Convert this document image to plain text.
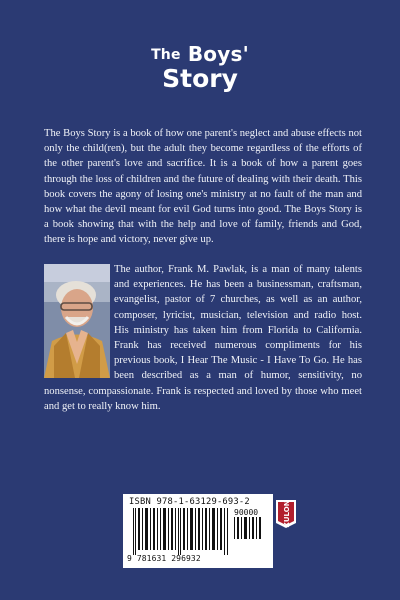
The Boys'
Story
The Boys Story is a book of how one parent's neglect and abuse effects not only the child(ren), but the adult they become regardless of the efforts of the other parent's love and sacrifice. It is a book of how a parent goes through the loss of children and the future of dealing with their death. This book covers the agony of losing one's ministry at no fault of the man and how what the devil meant for evil God turns into good. The Boys Story is a book showing that with the help and love of family, friends and God, there is hope and victory, never give up.
The author, Frank M. Pawlak, is a man of many talents and experiences. He has been a businessman, craftsman, evangelist, pastor of 7 churches, as well as an author, composer, lyricist, musician, television and radio host. His ministry has taken him from Florida to California. Frank has received numerous compliments for his previous book, I Hear The Music - I Have To Go. He has been described as a man of humor, sensitivity, no nonsense, compassionate. Frank is respected and loved by those who meet and get to really know him.
ISBN 978-1-63129-693-2
90000
9 781631 296932
XULON
